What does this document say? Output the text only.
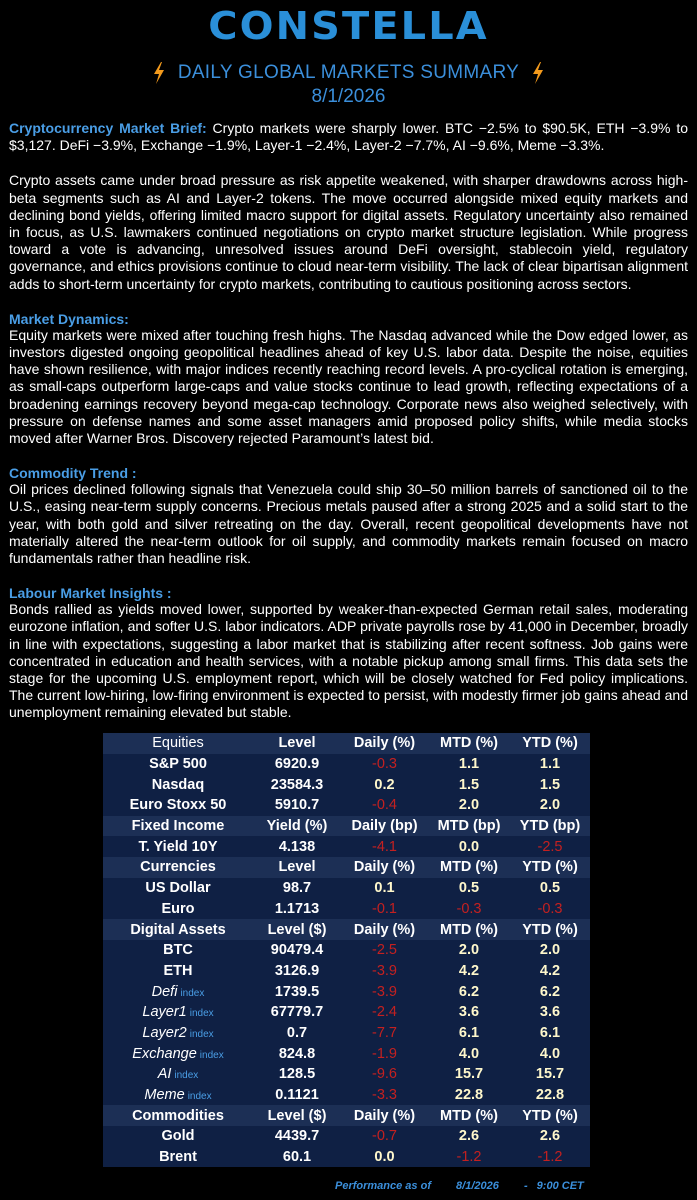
CONSTELLA
DAILY GLOBAL MARKETS SUMMARY
8/1/2026

Cryptocurrency Market Brief: Crypto markets were sharply lower. BTC −2.5% to $90.5K, ETH −3.9% to $3,127. DeFi −3.9%, Exchange −1.9%, Layer-1 −2.4%, Layer-2 −7.7%, AI −9.6%, Meme −3.3%.

Crypto assets came under broad pressure as risk appetite weakened, with sharper drawdowns across high-beta segments such as AI and Layer-2 tokens. The move occurred alongside mixed equity markets and declining bond yields, offering limited macro support for digital assets. Regulatory uncertainty also remained in focus, as U.S. lawmakers continued negotiations on crypto market structure legislation. While progress toward a vote is advancing, unresolved issues around DeFi oversight, stablecoin yield, regulatory governance, and ethics provisions continue to cloud near-term visibility. The lack of clear bipartisan alignment adds to short-term uncertainty for crypto markets, contributing to cautious positioning across sectors.

Market Dynamics:

Equity markets were mixed after touching fresh highs. The Nasdaq advanced while the Dow edged lower, as investors digested ongoing geopolitical headlines ahead of key U.S. labor data. Despite the noise, equities have shown resilience, with major indices recently reaching record levels. A pro-cyclical rotation is emerging, as small-caps outperform large-caps and value stocks continue to lead growth, reflecting expectations of a broadening earnings recovery beyond mega-cap technology. Corporate news also weighed selectively, with pressure on defense names and some asset managers amid proposed policy shifts, while media stocks moved after Warner Bros. Discovery rejected Paramount’s latest bid.

Commodity Trend :

Oil prices declined following signals that Venezuela could ship 30–50 million barrels of sanctioned oil to the U.S., easing near-term supply concerns. Precious metals paused after a strong 2025 and a solid start to the year, with both gold and silver retreating on the day. Overall, recent geopolitical developments have not materially altered the near-term outlook for oil supply, and commodity markets remain focused on macro fundamentals rather than headline risk.

Labour Market Insights :

Bonds rallied as yields moved lower, supported by weaker-than-expected German retail sales, moderating eurozone inflation, and softer U.S. labor indicators. ADP private payrolls rose by 41,000 in December, broadly in line with expectations, suggesting a labor market that is stabilizing after recent softness. Job gains were concentrated in education and health services, with a notable pickup among small firms. This data sets the stage for the upcoming U.S. employment report, which will be closely watched for Fed policy implications. The current low-hiring, low-firing environment is expected to persist, with modestly firmer job gains ahead and unemployment remaining elevated but stable.

Equities	Level	Daily (%)	MTD (%)	YTD (%)
S&P 500	6920.9	-0.3	1.1	1.1
Nasdaq	23584.3	0.2	1.5	1.5
Euro Stoxx 50	5910.7	-0.4	2.0	2.0
Fixed Income	Yield (%)	Daily (bp)	MTD (bp)	YTD (bp)
T. Yield 10Y	4.138	-4.1	0.0	-2.5
Currencies	Level	Daily (%)	MTD (%)	YTD (%)
US Dollar	98.7	0.1	0.5	0.5
Euro	1.1713	-0.1	-0.3	-0.3
Digital Assets	Level ($)	Daily (%)	MTD (%)	YTD (%)
BTC	90479.4	-2.5	2.0	2.0
ETH	3126.9	-3.9	4.2	4.2
Defi index	1739.5	-3.9	6.2	6.2
Layer1 index	67779.7	-2.4	3.6	3.6
Layer2 index	0.7	-7.7	6.1	6.1
Exchange index	824.8	-1.9	4.0	4.0
AI index	128.5	-9.6	15.7	15.7
Meme index	0.1121	-3.3	22.8	22.8
Commodities	Level ($)	Daily (%)	MTD (%)	YTD (%)
Gold	4439.7	-0.7	2.6	2.6
Brent	60.1	0.0	-1.2	-1.2
Performance as of 8/1/2026 - 9:00 CET
